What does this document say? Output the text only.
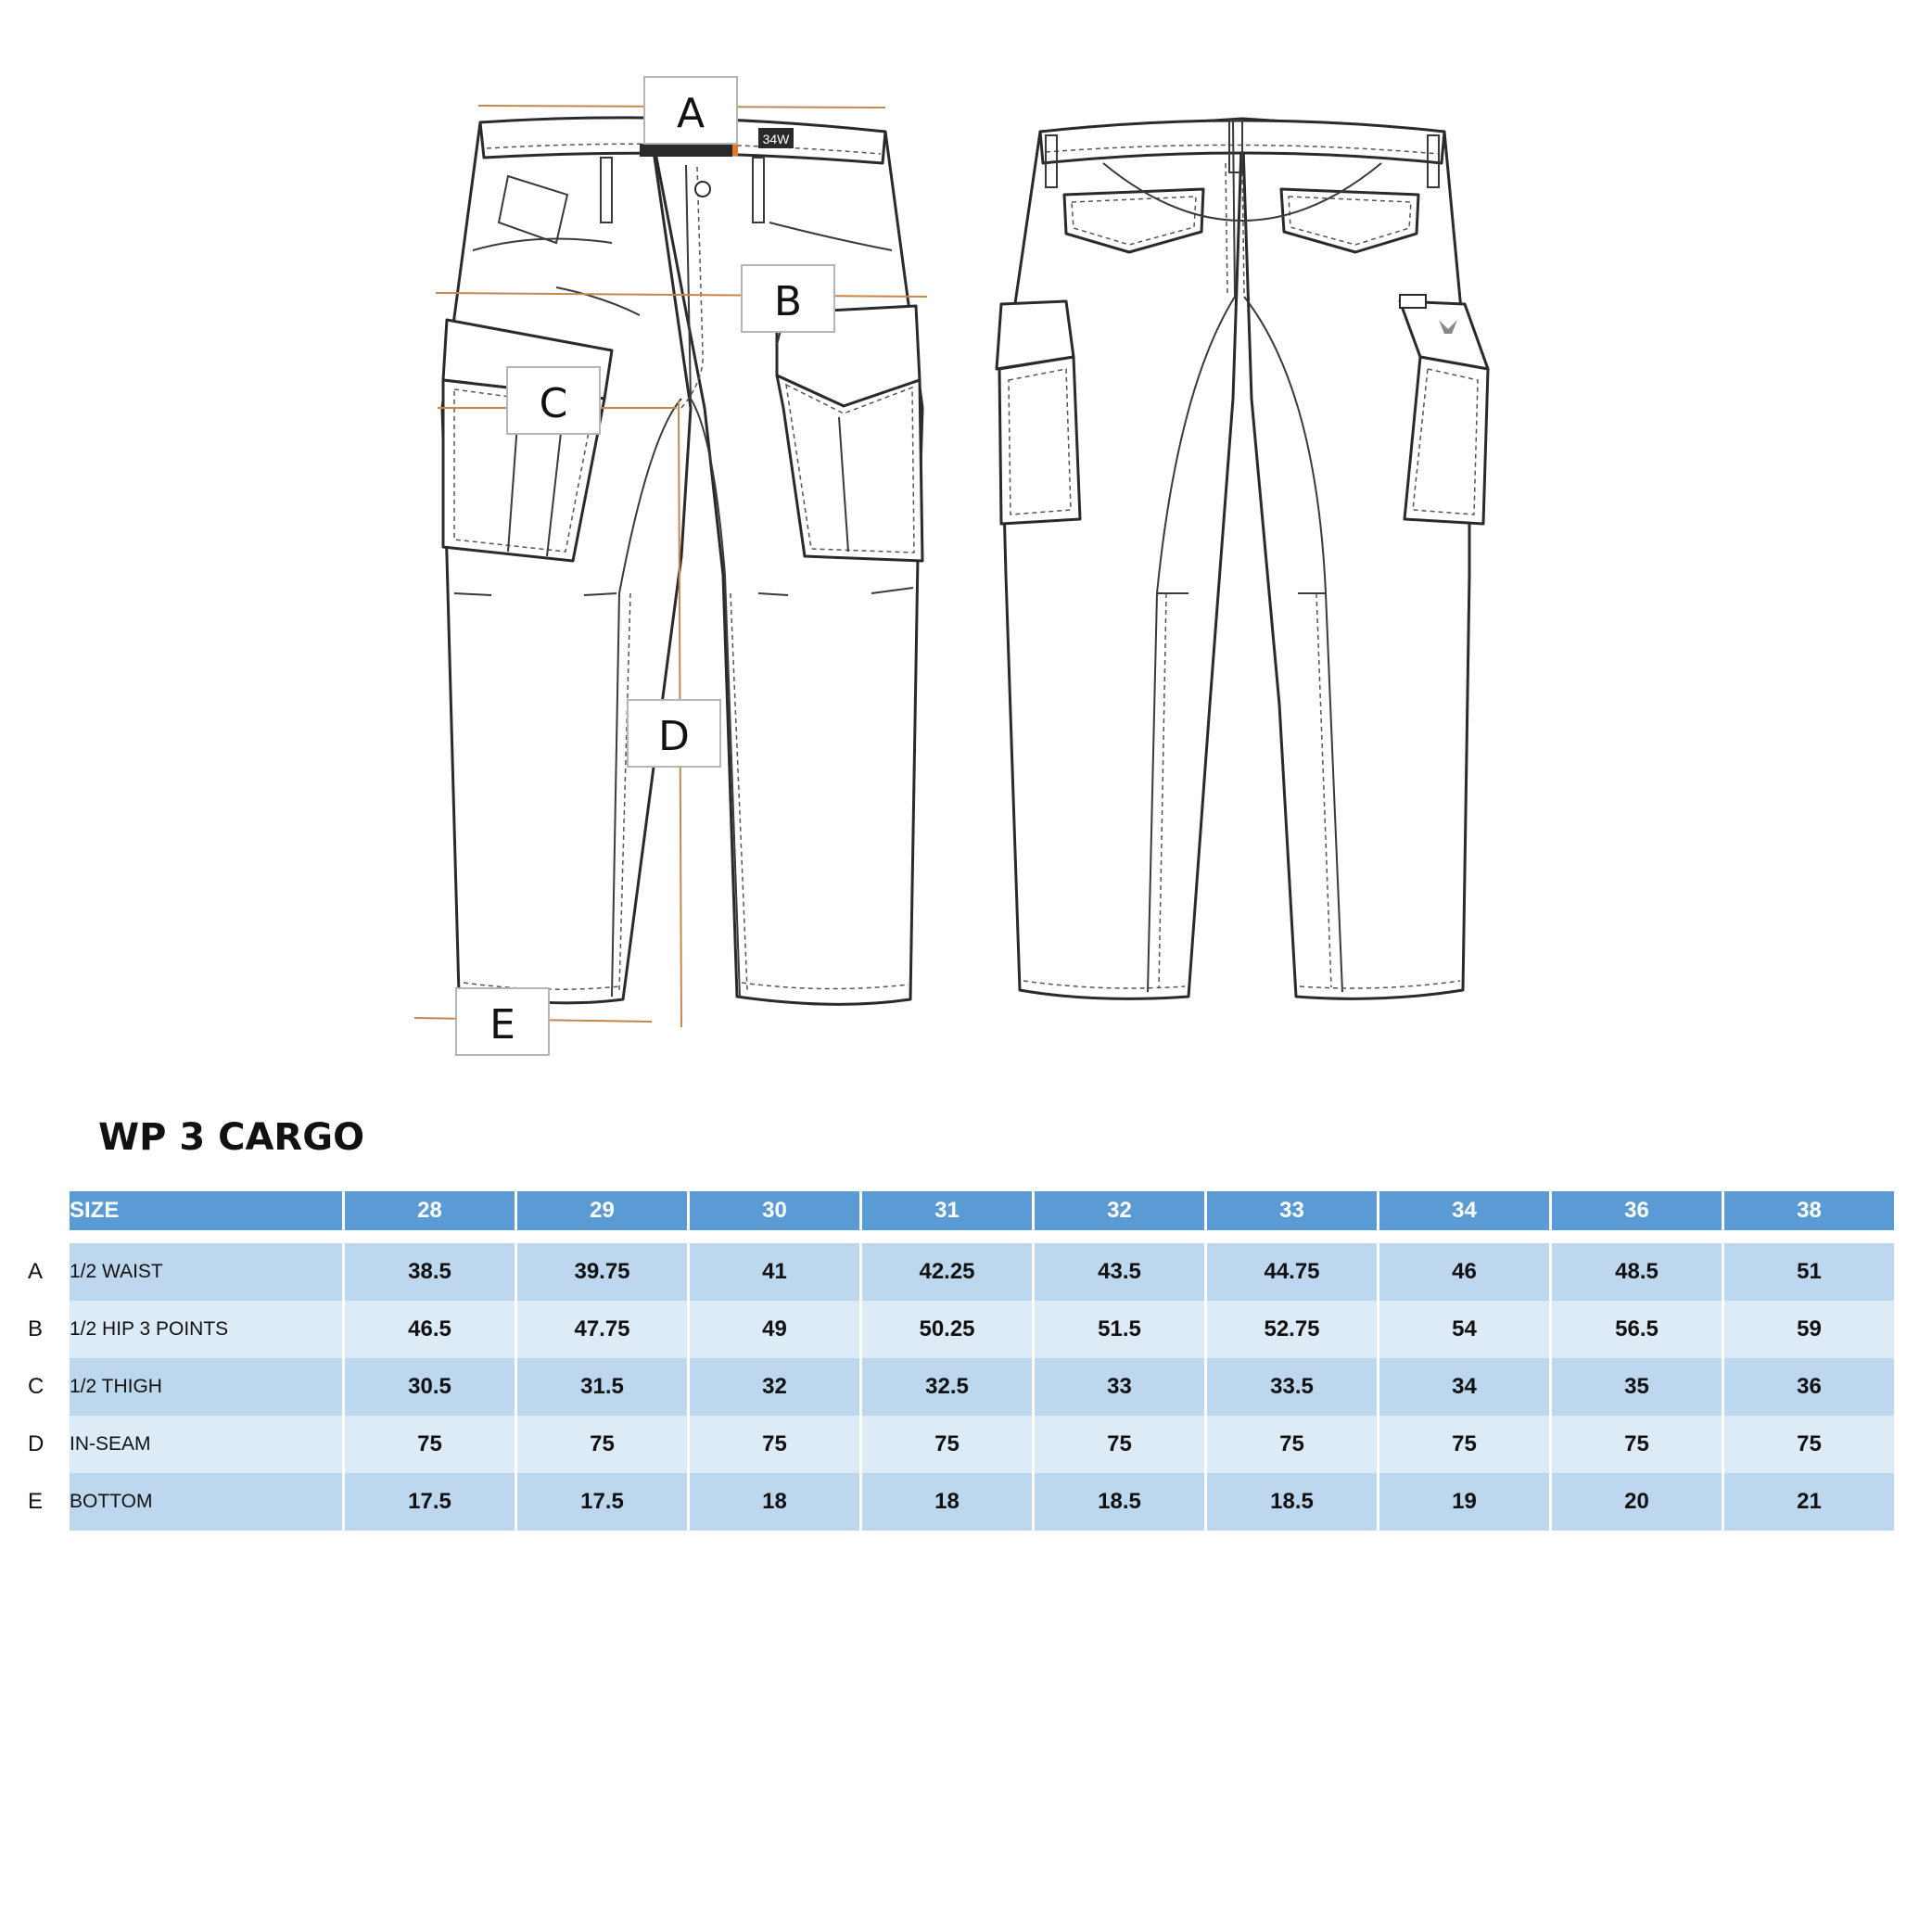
34W
A
B
C
D
E
WP 3 CARGO
	SIZE	28	29	30	31	32	33	34	36	38

A	1/2 WAIST	38.5	39.75	41	42.25	43.5	44.75	46	48.5	51
B	1/2 HIP 3 POINTS	46.5	47.75	49	50.25	51.5	52.75	54	56.5	59
C	1/2 THIGH	30.5	31.5	32	32.5	33	33.5	34	35	36
D	IN-SEAM	75	75	75	75	75	75	75	75	75
E	BOTTOM	17.5	17.5	18	18	18.5	18.5	19	20	21
